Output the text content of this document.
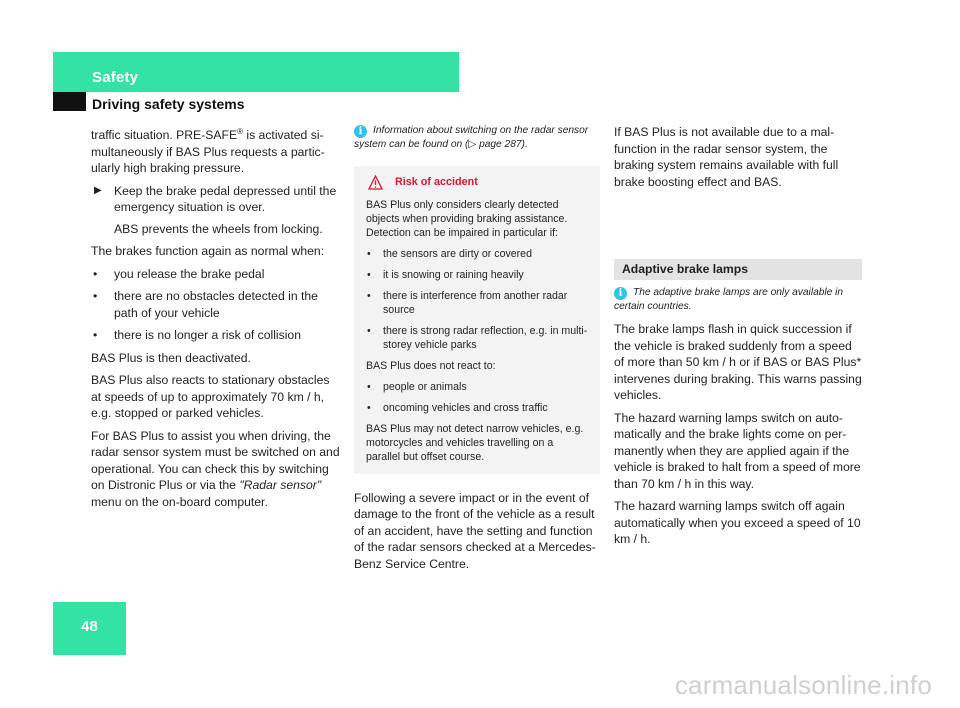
Safety
Driving safety systems

traffic situation. PRE-SAFE® is activated simultaneously if BAS Plus requests a particularly high braking pressure.

▶ Keep the brake pedal depressed until the emergency situation is over.

ABS prevents the wheels from locking.

The brakes function again as normal when:

• you release the brake pedal
• there are no obstacles detected in the path of your vehicle
• there is no longer a risk of collision

BAS Plus is then deactivated.

BAS Plus also reacts to stationary obstacles at speeds of up to approximately 70 km / h, e.g. stopped or parked vehicles.

For BAS Plus to assist you when driving, the radar sensor system must be switched on and operational. You can check this by switching on Distronic Plus or via the "Radar sensor" menu on the on-board computer.

i Information about switching on the radar sensor system can be found on (▷ page 287).

Risk of accident

BAS Plus only considers clearly detected objects when providing braking assistance. Detection can be impaired in particular if:

• the sensors are dirty or covered
• it is snowing or raining heavily
• there is interference from another radar source
• there is strong radar reflection, e.g. in multi-storey vehicle parks

BAS Plus does not react to:

• people or animals
• oncoming vehicles and cross traffic

BAS Plus may not detect narrow vehicles, e.g. motorcycles and vehicles travelling on a parallel but offset course.

Following a severe impact or in the event of damage to the front of the vehicle as a result of an accident, have the setting and function of the radar sensors checked at a Mercedes-Benz Service Centre.

If BAS Plus is not available due to a malfunction in the radar sensor system, the braking system remains available with full brake boosting effect and BAS.

Adaptive brake lamps

i The adaptive brake lamps are only available in certain countries.

The brake lamps flash in quick succession if the vehicle is braked suddenly from a speed of more than 50 km / h or if BAS or BAS Plus* intervenes during braking. This warns passing vehicles.

The hazard warning lamps switch on automatically and the brake lights come on permanently when they are applied again if the vehicle is braked to halt from a speed of more than 70 km / h in this way.

The hazard warning lamps switch off again automatically when you exceed a speed of 10 km / h.

48
carmanualsonline.info
